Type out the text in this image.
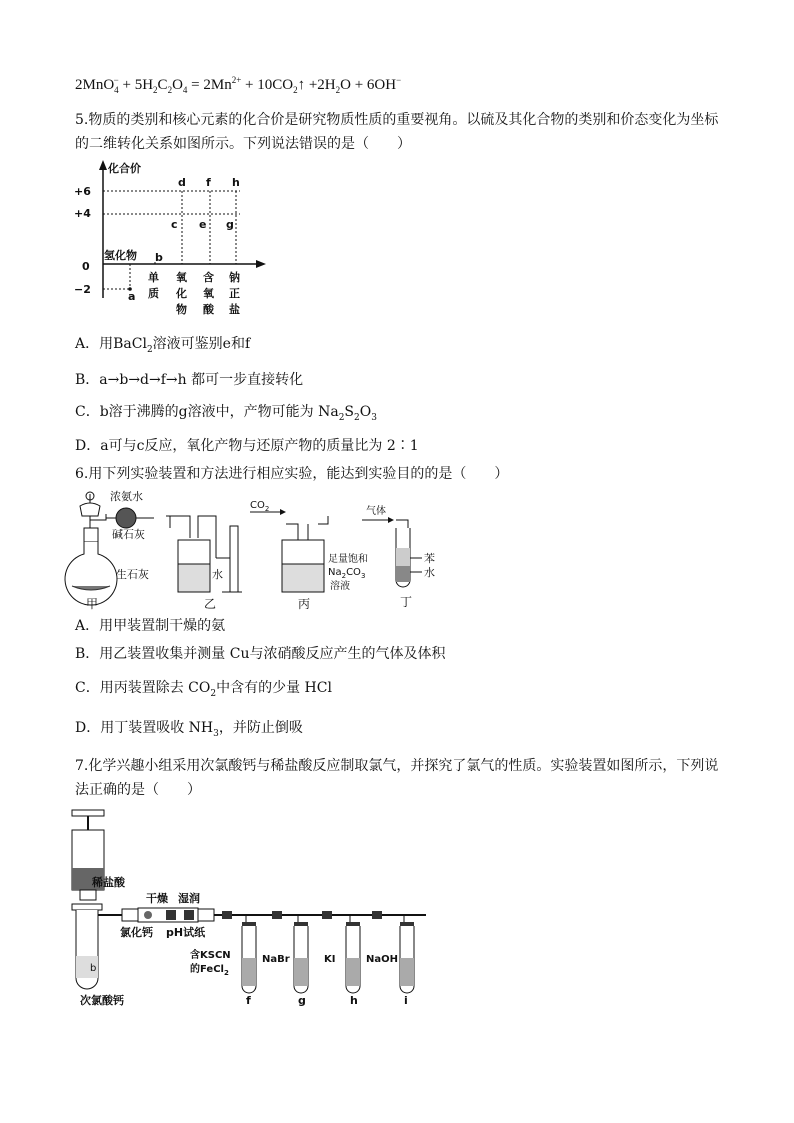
$2MnO_4^- + 5H_2C_2O_4 = 2Mn^{2+}$ + $10CO_2↑ +2H_2O + 6OH^-$
5.物质的类别和核心元素的化合价是研究物质性质的重要视角。以硫及其化合物的类别和价态变化为坐标
的二维转化关系如图所示。下列说法错误的是（　　）
化合价
+6
+4
0
−2
d f h
c e g
b
a
氢化物
单
质
氧
化
物
含
氧
酸
钠
正
盐
A．用BaCl$_2$溶液可鉴别e和f
B．a→b→d→f→h 都可一步直接转化
C．b溶于沸腾的g溶液中，产物可能为 $Na_2S_2O_3$
D．a可与c反应，氧化产物与还原产物的质量比为 2∶1
6.用下列实验装置和方法进行相应实验，能达到实验目的的是（　　）
浓氨水
碱石灰
生石灰
甲
水
乙
$CO_2$
足量饱和
$Na_2CO_3$
溶液
丙
气体
苯
水
丁
A．用甲装置制干燥的氨
B．用乙装置收集并测量 Cu与浓硝酸反应产生的气体及体积
C．用丙装置除去 $CO_2$中含有的少量 HCl
D．用丁装置吸收 $NH_3$，并防止倒吸
7.化学兴趣小组采用次氯酸钙与稀盐酸反应制取氯气，并探究了氯气的性质。实验装置如图所示，下列说
法正确的是（　　）
稀盐酸
b
次氯酸钙
干燥 湿润
氯化钙 pH试纸
f	g	h	i
含KSCN
的FeCl$_2$
NaBr	KI	NaOH
